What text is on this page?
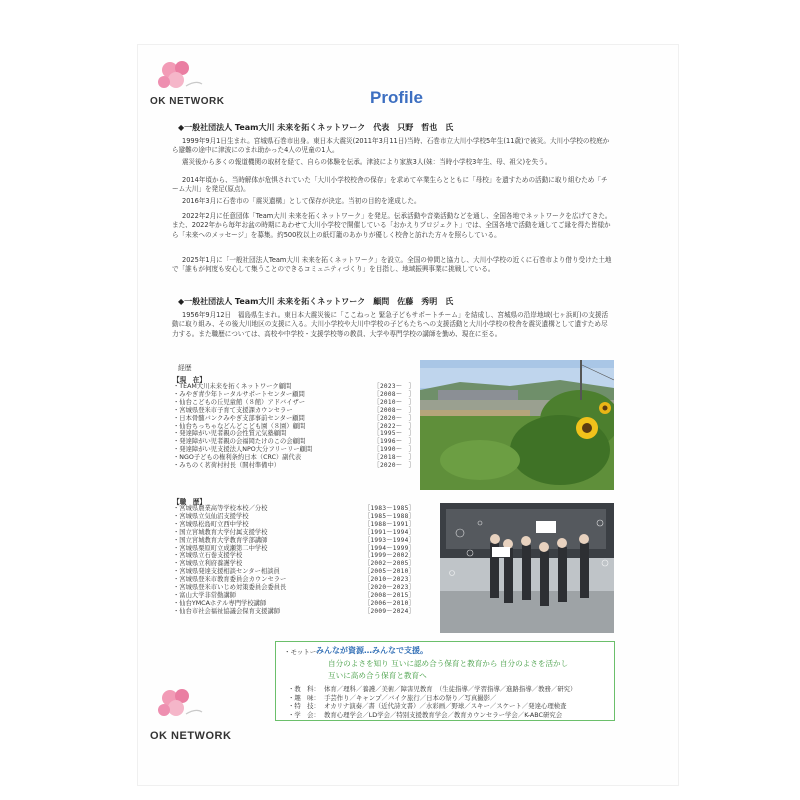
OK NETWORK	Profile
◆一般社団法人 Team大川 未来を拓くネットワーク　代表　只野　哲也　氏

1999年9月1日生まれ。宮城県石巻市出身。東日本大震災(2011年3月11日)当時、石巻市立大川小学校5年生(11歳)で被災。大川小学校の校庭から避難の途中に津波にのまれ助かった4人の児童の1人。

震災後から多くの報道機関の取材を経て、自らの体験を伝承。津波により家族3人(妹：当時小学校3年生、母、祖父)を失う。

2014年頃から、当時解体が危惧されていた「大川小学校校舎の保存」を求めて卒業生らとともに「母校」を遺すための活動に取り組むため「チーム大川」を発足(原点)。

2016年3月に石巻市の「震災遺構」として保存が決定。当初の目的を達成した。

2022年2月に任意団体「Team大川 未来を拓くネットワーク」を発足。伝承活動や音楽活動などを通し、全国各地でネットワークを広げてきた。また、2022年から毎年お盆の時期にあわせて大川小学校で開催している「おかえりプロジェクト」では、全国各地で活動を通してご縁を得た皆様から「未来へのメッセージ」を募集。約500枚以上の紙灯籠のあかりが優しく校舎と訪れた方々を照らしている。

2025年1月に「一般社団法人Team大川 未来を拓くネットワーク」を設立。全国の仲間と協力し、大川小学校の近くに石巻市より借り受けた土地で「誰もが何度も安心して集うことのできるコミュニティづくり」を目指し、地域振興事業に挑戦している。

◆一般社団法人 Team大川 未来を拓くネットワーク　顧問　佐藤　秀明　氏

1956年9月12日　福島県生まれ。東日本大震災後に「ここねっと 緊急子どもサポートチーム」を結成し、宮城県の沿岸地域(七ヶ浜町)の支援活動に取り組み、その後大川地区の支援に入る。大川小学校や大川中学校の子どもたちへの支援活動と大川小学校の校舎を震災遺構として遺すため尽力する。また職歴については、高校や中学校・支援学校等の教員、大学や専門学校の講師を勤め、現在に至る。

経歴
【現　在】
・TEAM大川未来を拓くネットワーク顧問	［2023～　］
・みやぎ青少年トータルサポートセンター顧問	［2008～　］
・仙台こどもの丘児童館（８館）アドバイザー	［2010～　］
・宮城県登米市子育て支援課カウンセラー	［2008～　］
・日本骨髄バンクみやぎ支部事前センター顧問	［2020～　］
・仙台ちっちゃなどんどこども園（８園）顧問	［2022～　］
・発達障がい児者親の会性質元気塾顧問	［1995～　］
・発達障がい児者親の会福岡たけのこの会顧問	［1996～　］
・発達障がい児支援法人NPO大分フリーリー顧問	［1990～　］
・NGO子どもの権利条約日本（CRC）副代表	［2018～　］
・みちのく茗荷村村長（開村準備中）	［2020～　］
【職　歴】
・宮城県農業高等学校本校／分校	［1983～1985］
・宮城県立気仙沼支援学校	［1985～1988］
・宮城県松島町立西中学校	［1988～1991］
・国立宮城教育大学付属支援学校	［1991～1994］
・国立宮城教育大学教育学部講師	［1993～1994］
・宮城県栗原町立成瀬第二中学校	［1994～1999］
・宮城県立石巻支援学校	［1999～2002］
・宮城県立利府養護学校	［2002～2005］
・宮城県発達支援相談センター相談員	［2005～2010］
・宮城県登米市教育委員会カウンセラー	［2010～2023］
・宮城県登米市いじめ対策委員会委員長	［2020～2023］
・富山大学非常勤講師	［2008～2015］
・仙台YMCAホテル専門学校講師	［2006～2010］
・仙台市社会福祉協議会保育支援講師	［2009～2024］
・モットー：
みんなが資源…みんなで支援。
自分のよさを知り 互いに認め合う保育と教育から 自分のよさを活かし
互いに高め合う保育と教育へ
・教　科： 体育／理科／養護／美術／障害児教育　（生徒指導／学習指導／進路指導／教務／研究）
・趣　味： 手芸作り／キャンプ／バイク旅行／日本の祭り／写真撮影／
・特　技： オカリナ演奏／書（近代詩文書）／水彩画／野球／スキー／スケート／発達心理検査
・学　会： 教育心理学会／LD学会／特別支援教育学会／教育カウンセラー学会／K-ABC研究会
OK NETWORK
